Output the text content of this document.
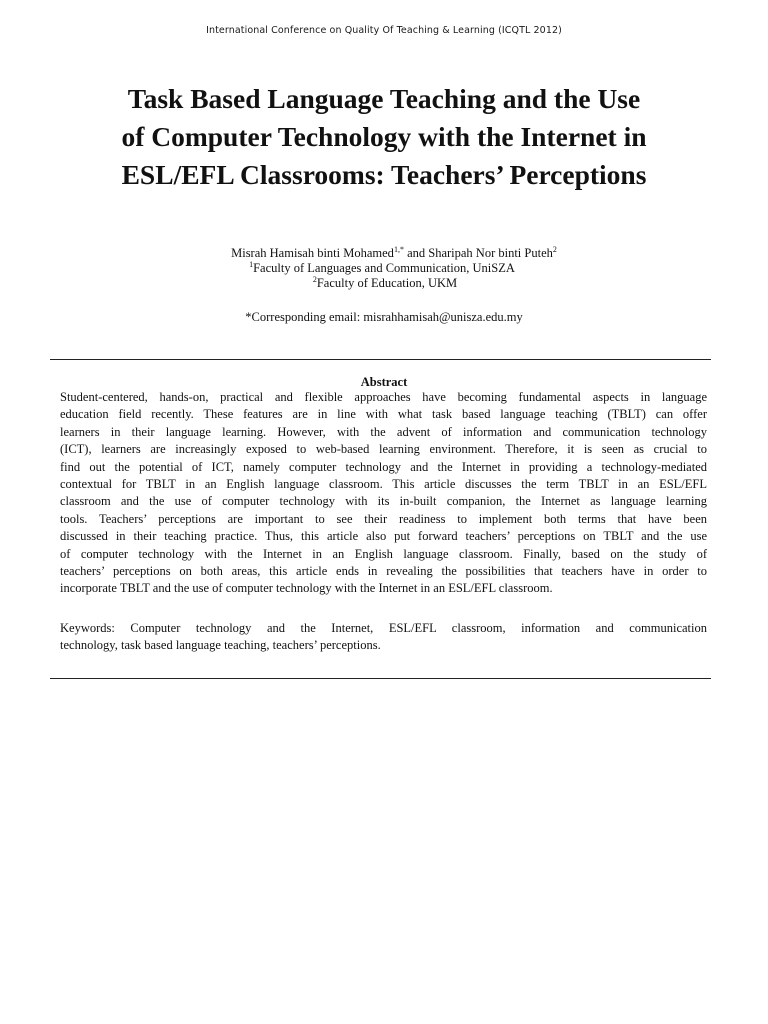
International Conference on Quality Of Teaching & Learning (ICQTL 2012)
Task Based Language Teaching and the Use
of Computer Technology with the Internet in
ESL/EFL Classrooms: Teachers’ Perceptions
Misrah Hamisah binti Mohamed$^{1,*}$ and Sharipah Nor binti Puteh$^2$
$^1$Faculty of Languages and Communication, UniSZA
$^2$Faculty of Education, UKM
*Corresponding email: misrahhamisah@unisza.edu.my
Abstract
Student-centered, hands-on, practical and flexible approaches have becoming fundamental aspects in language
education field recently. These features are in line with what task based language teaching (TBLT) can offer
learners in their language learning. However, with the advent of information and communication technology
(ICT), learners are increasingly exposed to web-based learning environment. Therefore, it is seen as crucial to
find out the potential of ICT, namely computer technology and the Internet in providing a technology-mediated
contextual for TBLT in an English language classroom. This article discusses the term TBLT in an ESL/EFL
classroom and the use of computer technology with its in-built companion, the Internet as language learning
tools. Teachers’ perceptions are important to see their readiness to implement both terms that have been
discussed in their teaching practice. Thus, this article also put forward teachers’ perceptions on TBLT and the use
of computer technology with the Internet in an English language classroom. Finally, based on the study of
teachers’ perceptions on both areas, this article ends in revealing the possibilities that teachers have in order to
incorporate TBLT and the use of computer technology with the Internet in an ESL/EFL classroom.
Keywords: Computer technology and the Internet, ESL/EFL classroom, information and communication
technology, task based language teaching, teachers’ perceptions.
